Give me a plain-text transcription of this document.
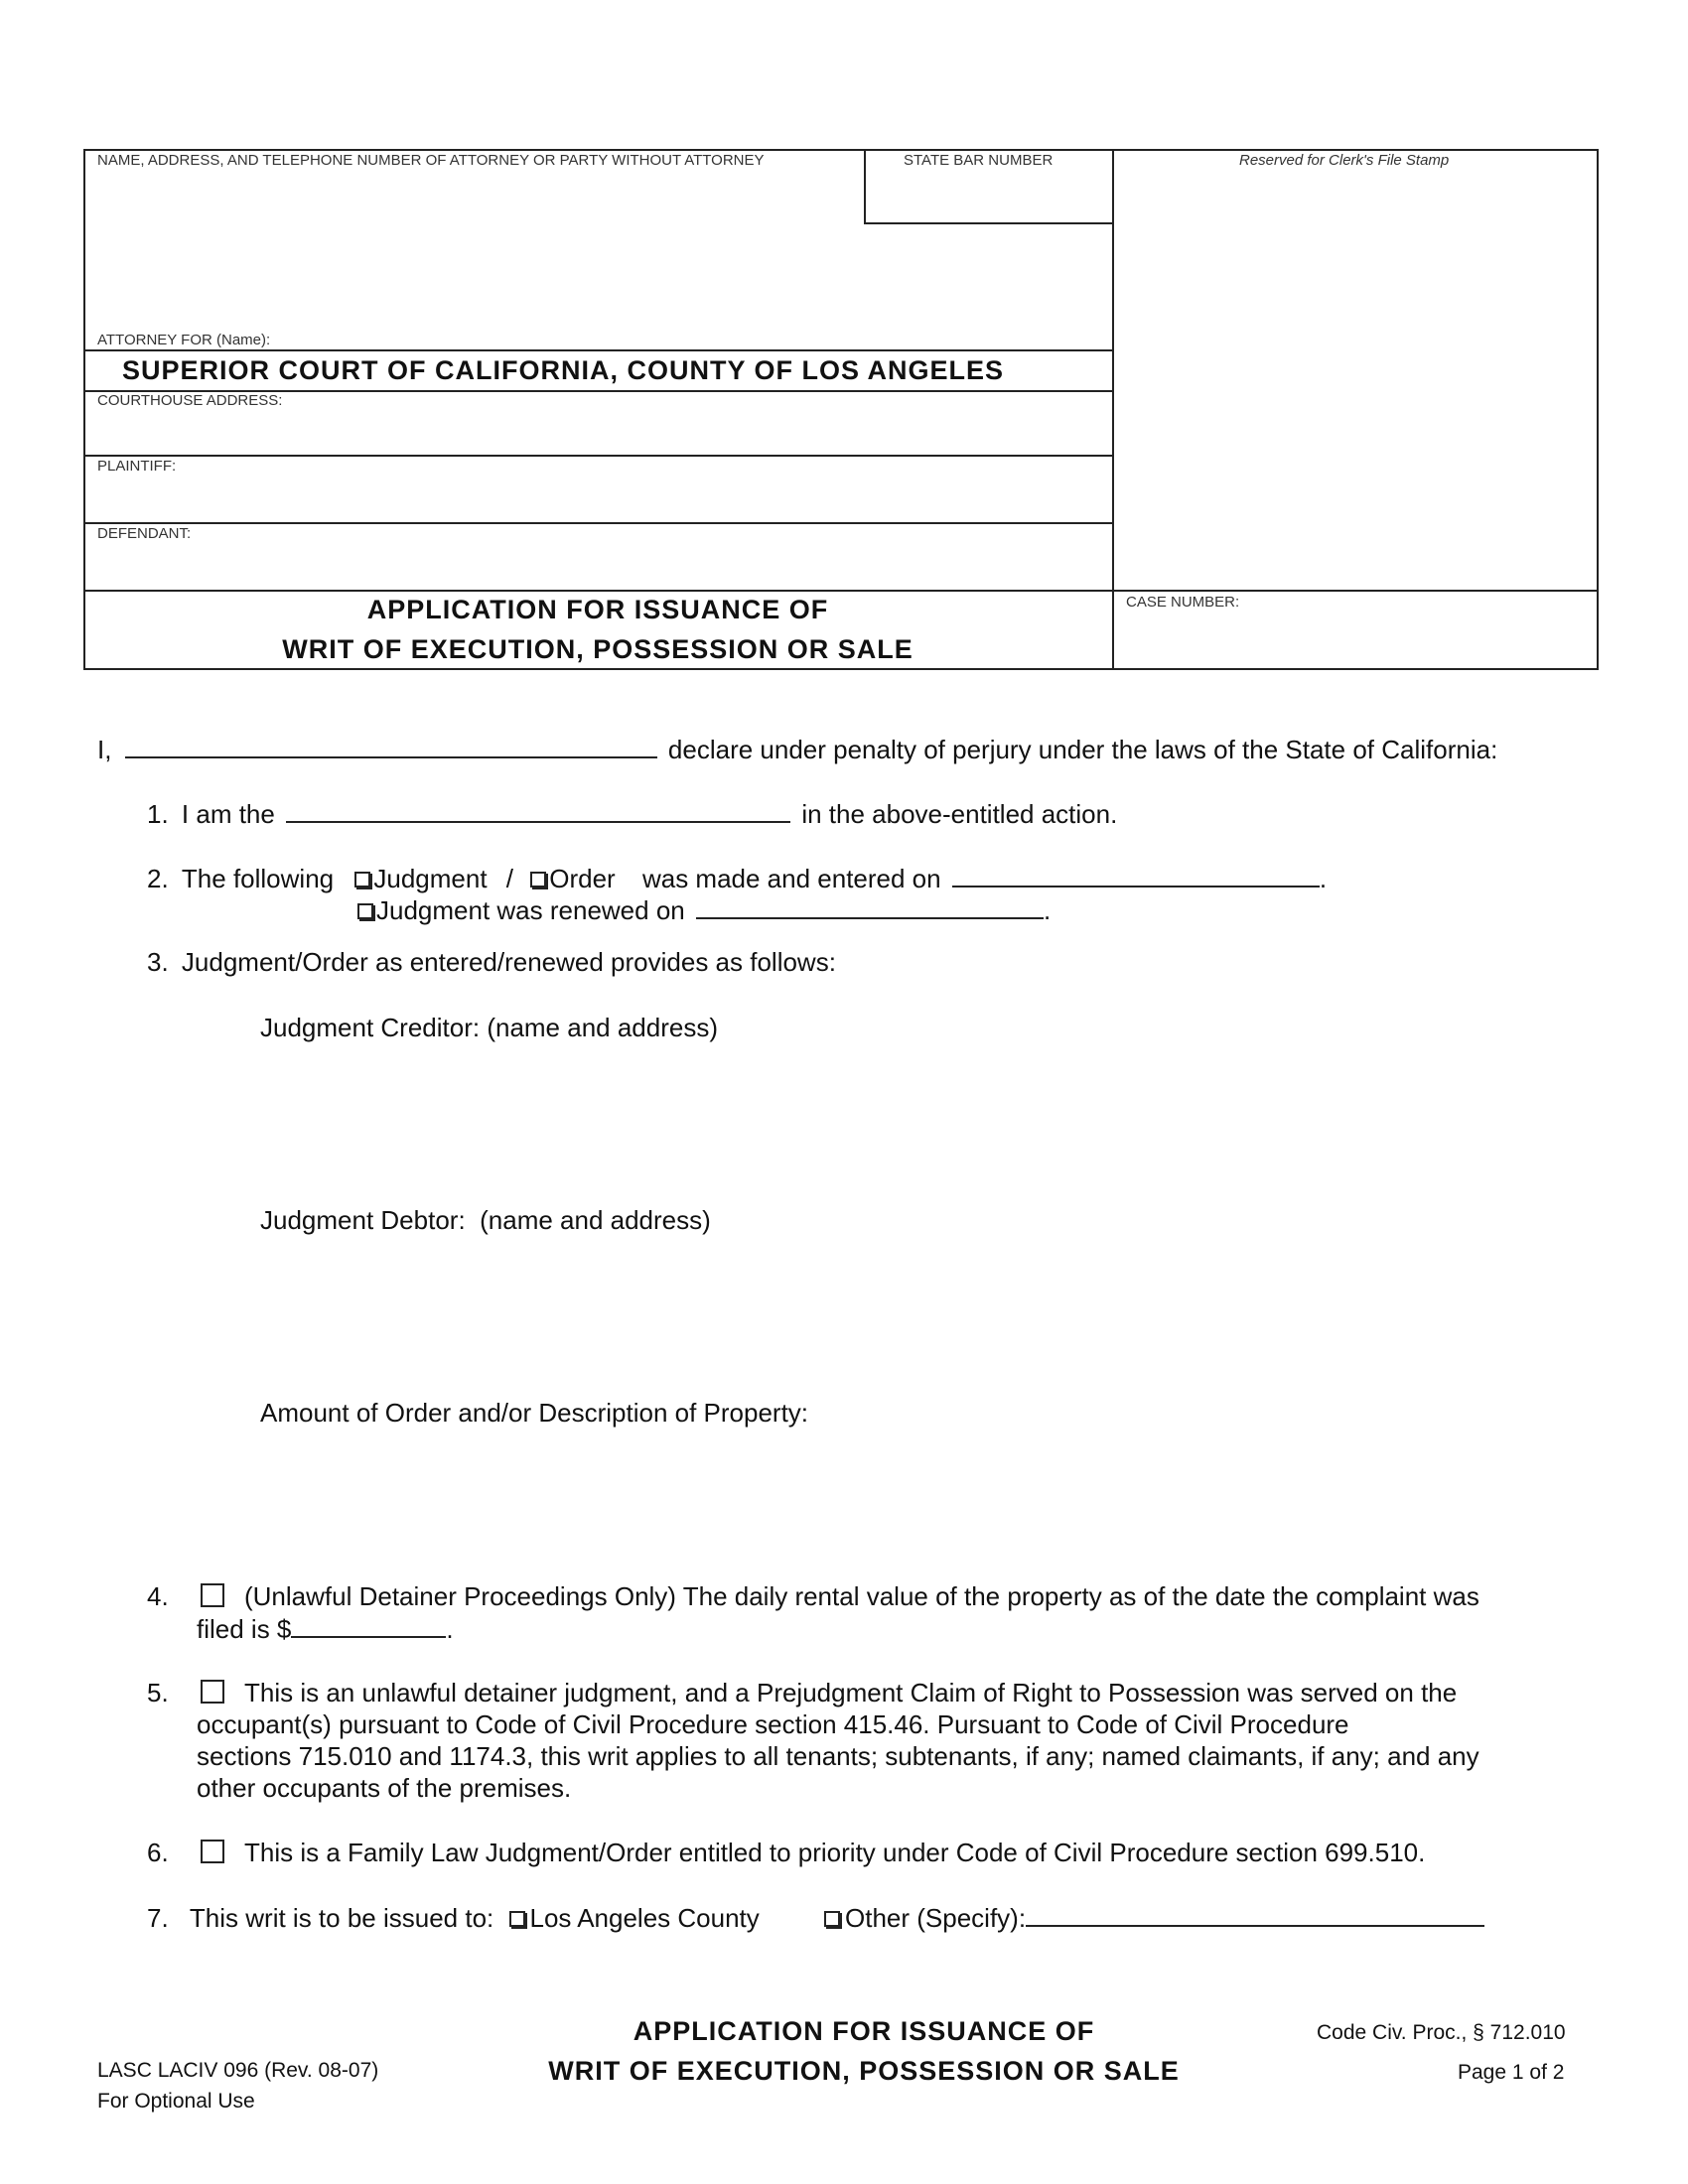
NAME, ADDRESS, AND TELEPHONE NUMBER OF ATTORNEY OR PARTY WITHOUT ATTORNEY	STATE BAR NUMBER	Reserved for Clerk's File Stamp
ATTORNEY FOR (Name):
SUPERIOR COURT OF CALIFORNIA, COUNTY OF LOS ANGELES
COURTHOUSE ADDRESS:
PLAINTIFF:
DEFENDANT:
APPLICATION FOR ISSUANCE OF
WRIT OF EXECUTION, POSSESSION OR SALE
CASE NUMBER:
I,	declare under penalty of perjury under the laws of the State of California:
1. I am the	in the above-entitled action.
2. The following Judgment / Order was made and entered on	.
Judgment was renewed on	.
3. Judgment/Order as entered/renewed provides as follows:
Judgment Creditor: (name and address)
Judgment Debtor:  (name and address)
Amount of Order and/or Description of Property:
4.	(Unlawful Detainer Proceedings Only) The daily rental value of the property as of the date the complaint was
filed is $	.
5.	This is an unlawful detainer judgment, and a Prejudgment Claim of Right to Possession was served on the
occupant(s) pursuant to Code of Civil Procedure section 415.46. Pursuant to Code of Civil Procedure
sections 715.010 and 1174.3, this writ applies to all tenants; subtenants, if any; named claimants, if any; and any
other occupants of the premises.
6.	This is a Family Law Judgment/Order entitled to priority under Code of Civil Procedure section 699.510.
7. This writ is to be issued to: Los Angeles County	Other (Specify):
LASC LACIV 096 (Rev. 08-07)
For Optional Use
APPLICATION FOR ISSUANCE OF
WRIT OF EXECUTION, POSSESSION OR SALE
Code Civ. Proc., § 712.010
Page 1 of 2
